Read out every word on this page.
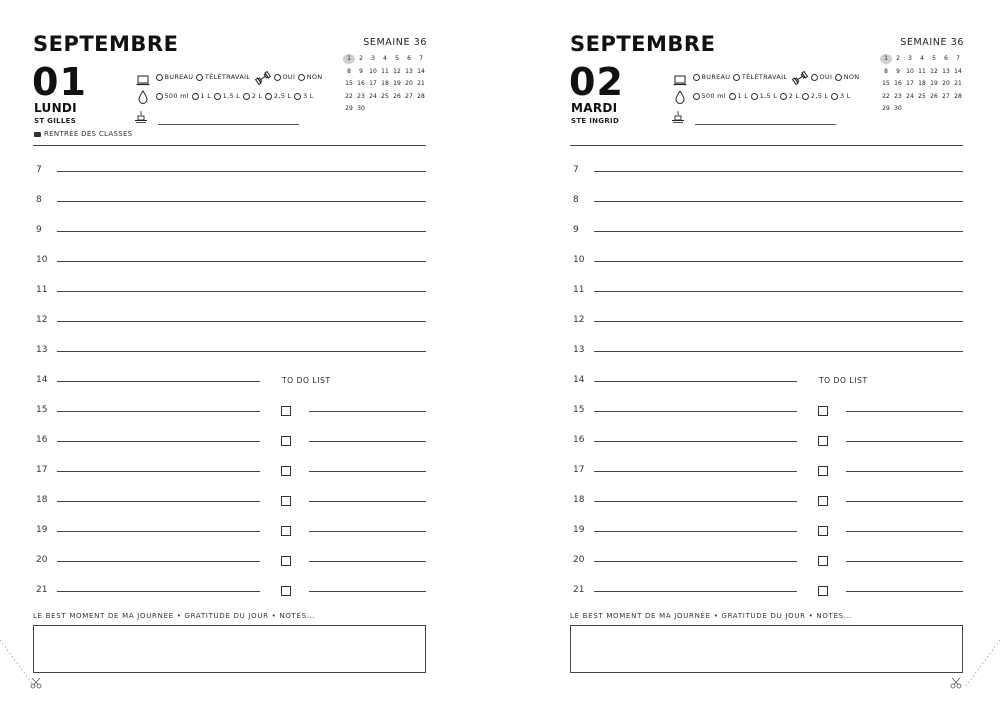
SEPTEMBRE	SEMAINE 36
01
LUNDI
ST GILLES
RENTRÉE DES CLASSES
BUREAU TÉLÉTRAVAIL	OUI NON
500 ml 1 L 1,5 L 2 L 2,5 L 3 L
1	2	3	4	5	6	7
8	9	10 11 12 13 14
15 16 17 18 19 20 21
22 23 24 25 26 27 28
29 30
7
8
9
10
11
12
13
14
15
16
17
18
19
20
21
TO DO LIST
LE BEST MOMENT DE MA JOURNÉE • GRATITUDE DU JOUR • NOTES...
SEPTEMBRE	SEMAINE 36
02
MARDI
STE INGRID
BUREAU TÉLÉTRAVAIL	OUI NON
500 ml 1 L 1,5 L 2 L 2,5 L 3 L
1	2	3	4	5	6	7
8	9	10 11 12 13 14
15 16 17 18 19 20 21
22 23 24 25 26 27 28
29 30
7
8
9
10
11
12
13
14
15
16
17
18
19
20
21
TO DO LIST
LE BEST MOMENT DE MA JOURNÉE • GRATITUDE DU JOUR • NOTES...
